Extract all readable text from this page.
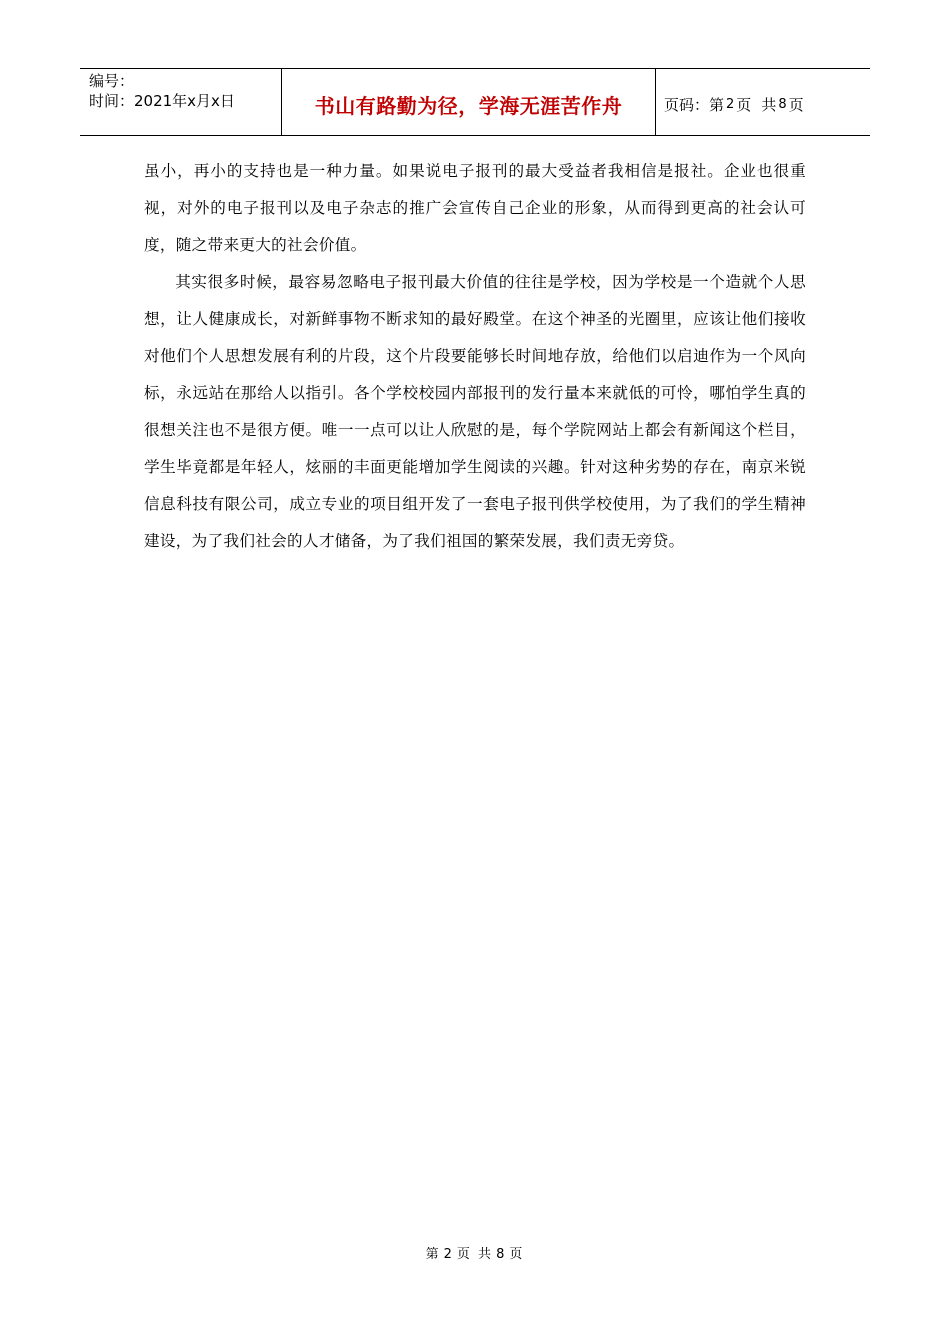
编号：
时间：2021年x月x日	书山有路勤为径，学海无涯苦作舟	页码：第 2 页 共 8 页

虽小，再小的支持也是一种力量。如果说电子报刊的最大受益者我相信是报社。企业也很重视，对外的电子报刊以及电子杂志的推广会宣传自己企业的形象，从而得到更高的社会认可度，随之带来更大的社会价值。

其实很多时候，最容易忽略电子报刊最大价值的往往是学校，因为学校是一个造就个人思想，让人健康成长，对新鲜事物不断求知的最好殿堂。在这个神圣的光圈里，应该让他们接收对他们个人思想发展有利的片段，这个片段要能够长时间地存放，给他们以启迪作为一个风向标，永远站在那给人以指引。各个学校校园内部报刊的发行量本来就低的可怜，哪怕学生真的很想关注也不是很方便。唯一一点可以让人欣慰的是，每个学院网站上都会有新闻这个栏目，学生毕竟都是年轻人，炫丽的丰面更能增加学生阅读的兴趣。针对这种劣势的存在，南京米锐信息科技有限公司，成立专业的项目组开发了一套电子报刊供学校使用，为了我们的学生精神建设，为了我们社会的人才储备，为了我们祖国的繁荣发展，我们责无旁贷。

第 2 页 共 8 页
